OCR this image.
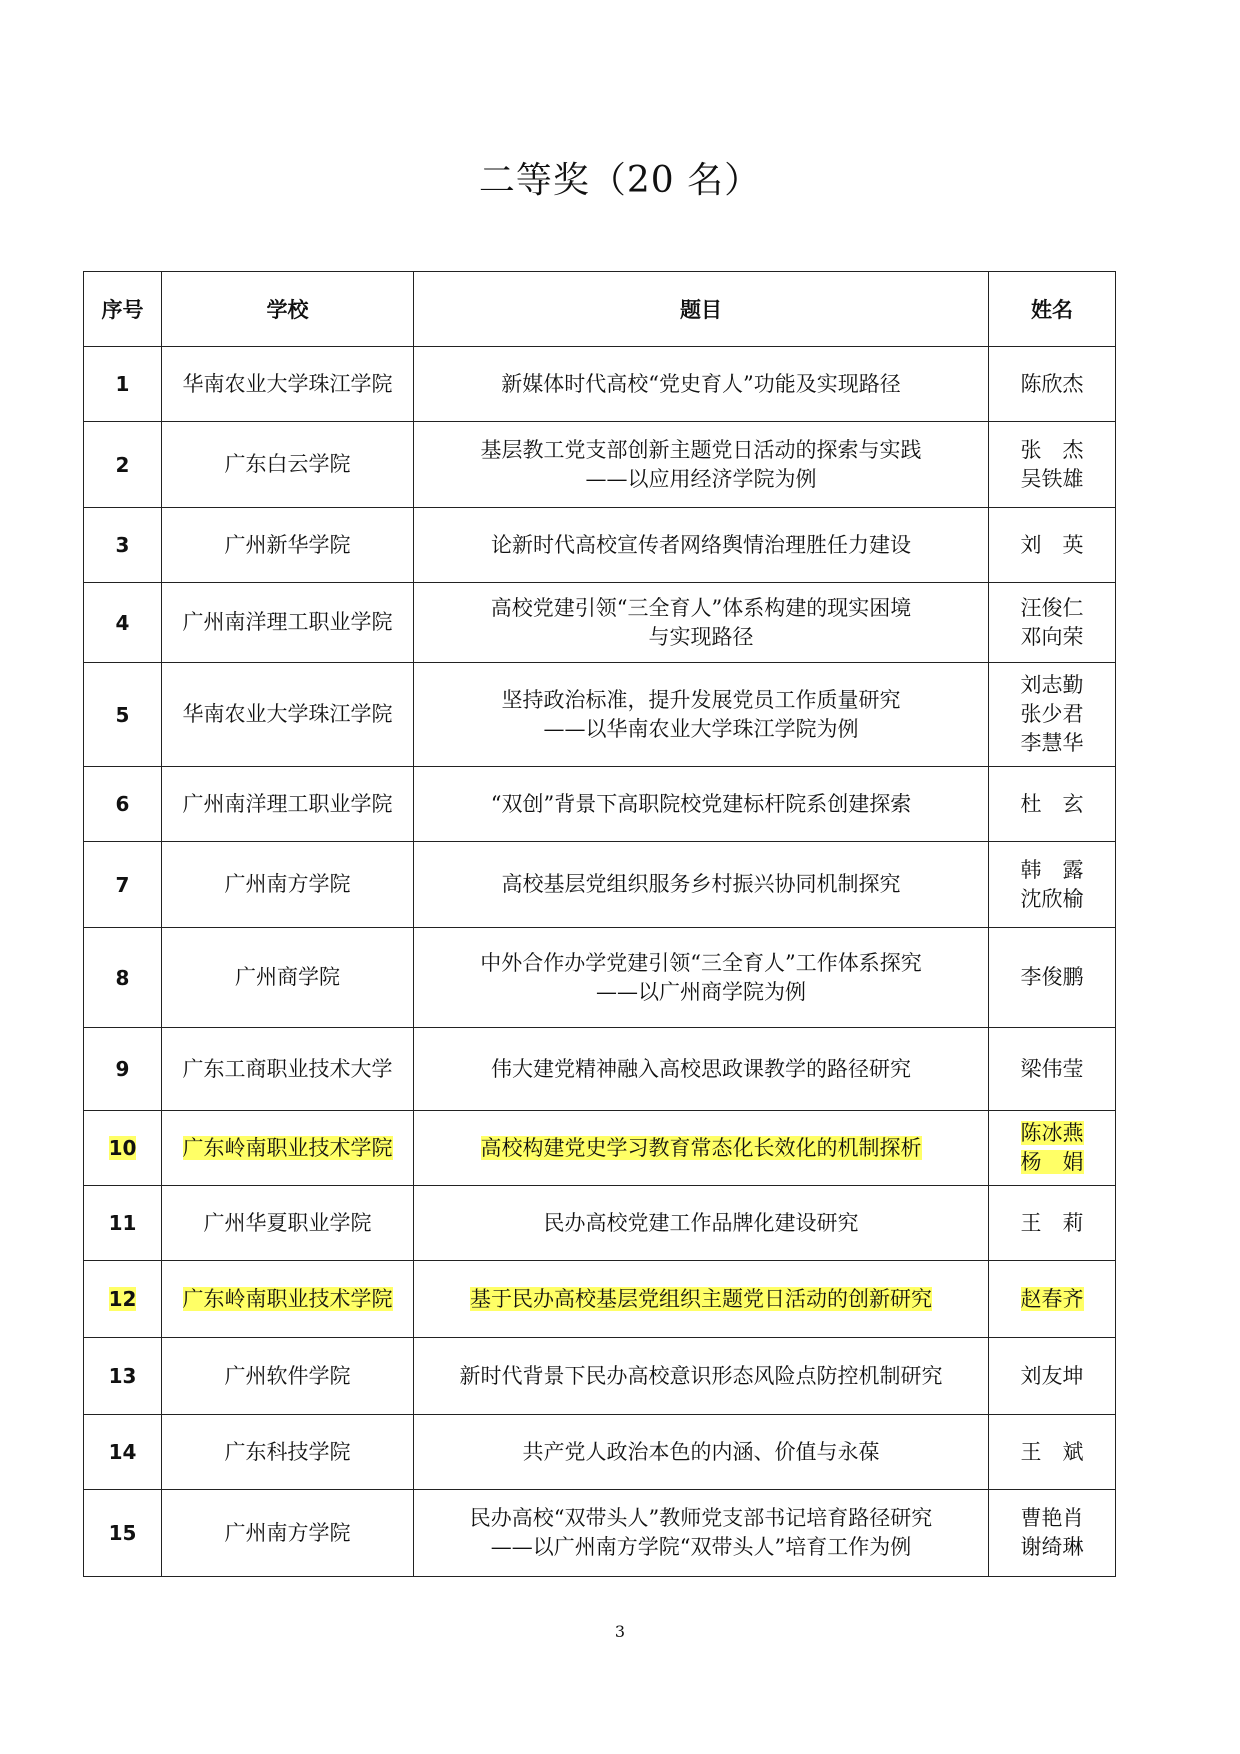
二等奖（20 名）
序号	学校	题目	姓名

1	华南农业大学珠江学院	新媒体时代高校“党史育人”功能及实现路径	陈欣杰

2	广东白云学院	基层教工党支部创新主题党日活动的探索与实践
——以应用经济学院为例	张　杰
吴铁雄

3	广州新华学院	论新时代高校宣传者网络舆情治理胜任力建设	刘　英

4	广州南洋理工职业学院	高校党建引领“三全育人”体系构建的现实困境
与实现路径	汪俊仁
邓向荣

5	华南农业大学珠江学院	坚持政治标准，提升发展党员工作质量研究
——以华南农业大学珠江学院为例	刘志勤
张少君
李慧华

6	广州南洋理工职业学院	“双创”背景下高职院校党建标杆院系创建探索	杜　玄

7	广州南方学院	高校基层党组织服务乡村振兴协同机制探究	韩　露
沈欣榆

8	广州商学院	中外合作办学党建引领“三全育人”工作体系探究
——以广州商学院为例	李俊鹏

9	广东工商职业技术大学	伟大建党精神融入高校思政课教学的路径研究	梁伟莹

10	广东岭南职业技术学院	高校构建党史学习教育常态化长效化的机制探析	陈冰燕
杨　娟

11	广州华夏职业学院	民办高校党建工作品牌化建设研究	王　莉

12	广东岭南职业技术学院	基于民办高校基层党组织主题党日活动的创新研究	赵春齐

13	广州软件学院	新时代背景下民办高校意识形态风险点防控机制研究	刘友坤

14	广东科技学院	共产党人政治本色的内涵、价值与永葆	王　斌

15	广州南方学院	民办高校“双带头人”教师党支部书记培育路径研究
——以广州南方学院“双带头人”培育工作为例	曹艳肖
谢绮琳
3
